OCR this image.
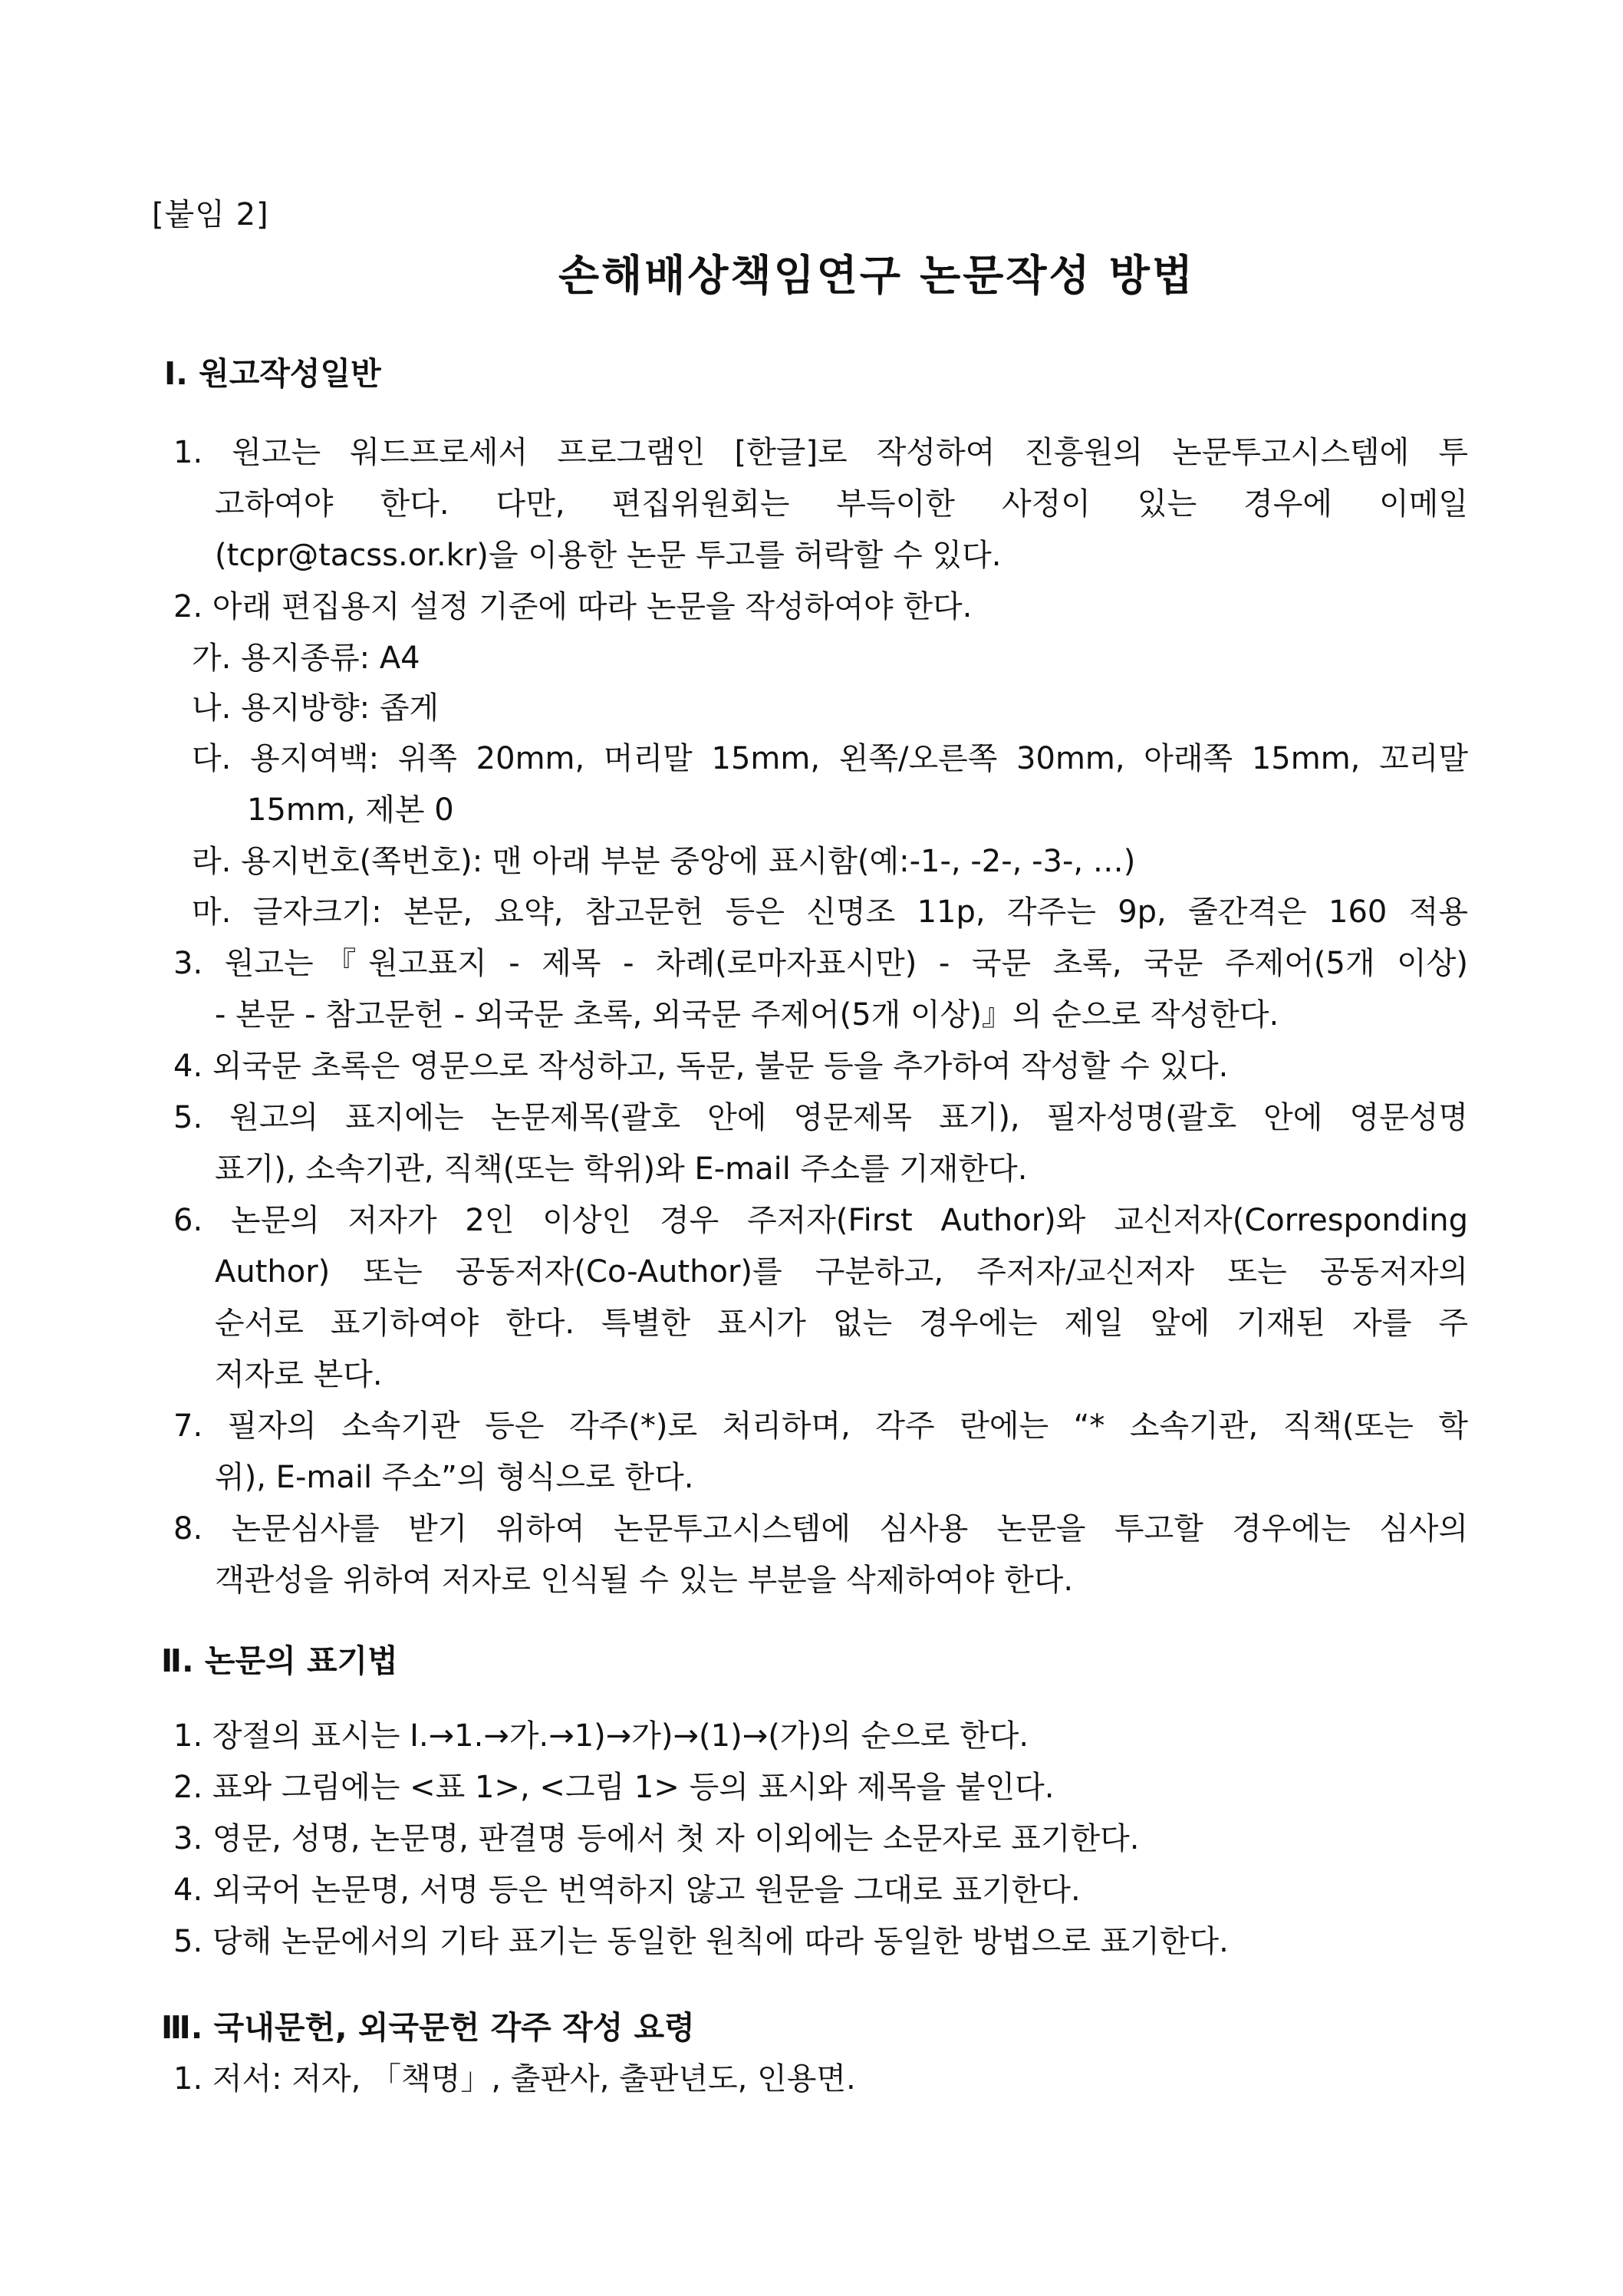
[붙임 2]
손해배상책임연구 논문작성 방법
Ⅰ. 원고작성일반
1. 원고는 워드프로세서 프로그램인 [한글]로 작성하여 진흥원의 논문투고시스템에 투
고하여야 한다. 다만, 편집위원회는 부득이한 사정이 있는 경우에 이메일
(tcpr@tacss.or.kr)을 이용한 논문 투고를 허락할 수 있다.
2. 아래 편집용지 설정 기준에 따라 논문을 작성하여야 한다.
가. 용지종류: A4
나. 용지방향: 좁게
다. 용지여백: 위쪽 20mm, 머리말 15mm, 왼쪽/오른쪽 30mm, 아래쪽 15mm, 꼬리말
15mm, 제본 0
라. 용지번호(쪽번호): 맨 아래 부분 중앙에 표시함(예:-1-, -2-, -3-, …)
마. 글자크기: 본문, 요약, 참고문헌 등은 신명조 11p, 각주는 9p, 줄간격은 160 적용
3. 원고는『원고표지 - 제목 - 차례(로마자표시만) - 국문 초록, 국문 주제어(5개 이상)
- 본문 - 참고문헌 - 외국문 초록, 외국문 주제어(5개 이상)』의 순으로 작성한다.
4. 외국문 초록은 영문으로 작성하고, 독문, 불문 등을 추가하여 작성할 수 있다.
5. 원고의 표지에는 논문제목(괄호 안에 영문제목 표기), 필자성명(괄호 안에 영문성명
표기), 소속기관, 직책(또는 학위)와 E-mail 주소를 기재한다.
6. 논문의 저자가 2인 이상인 경우 주저자(First Author)와 교신저자(Corresponding
Author) 또는 공동저자(Co-Author)를 구분하고, 주저자/교신저자 또는 공동저자의
순서로 표기하여야 한다. 특별한 표시가 없는 경우에는 제일 앞에 기재된 자를 주
저자로 본다.
7. 필자의 소속기관 등은 각주(*)로 처리하며, 각주 란에는 “* 소속기관, 직책(또는 학
위), E-mail 주소”의 형식으로 한다.
8. 논문심사를 받기 위하여 논문투고시스템에 심사용 논문을 투고할 경우에는 심사의
객관성을 위하여 저자로 인식될 수 있는 부분을 삭제하여야 한다.
Ⅱ. 논문의 표기법
1. 장절의 표시는 Ⅰ.→1.→가.→1)→가)→(1)→(가)의 순으로 한다.
2. 표와 그림에는 <표 1>, <그림 1> 등의 표시와 제목을 붙인다.
3. 영문, 성명, 논문명, 판결명 등에서 첫 자 이외에는 소문자로 표기한다.
4. 외국어 논문명, 서명 등은 번역하지 않고 원문을 그대로 표기한다.
5. 당해 논문에서의 기타 표기는 동일한 원칙에 따라 동일한 방법으로 표기한다.
Ⅲ. 국내문헌, 외국문헌 각주 작성 요령
1. 저서: 저자, 「책명」, 출판사, 출판년도, 인용면.
